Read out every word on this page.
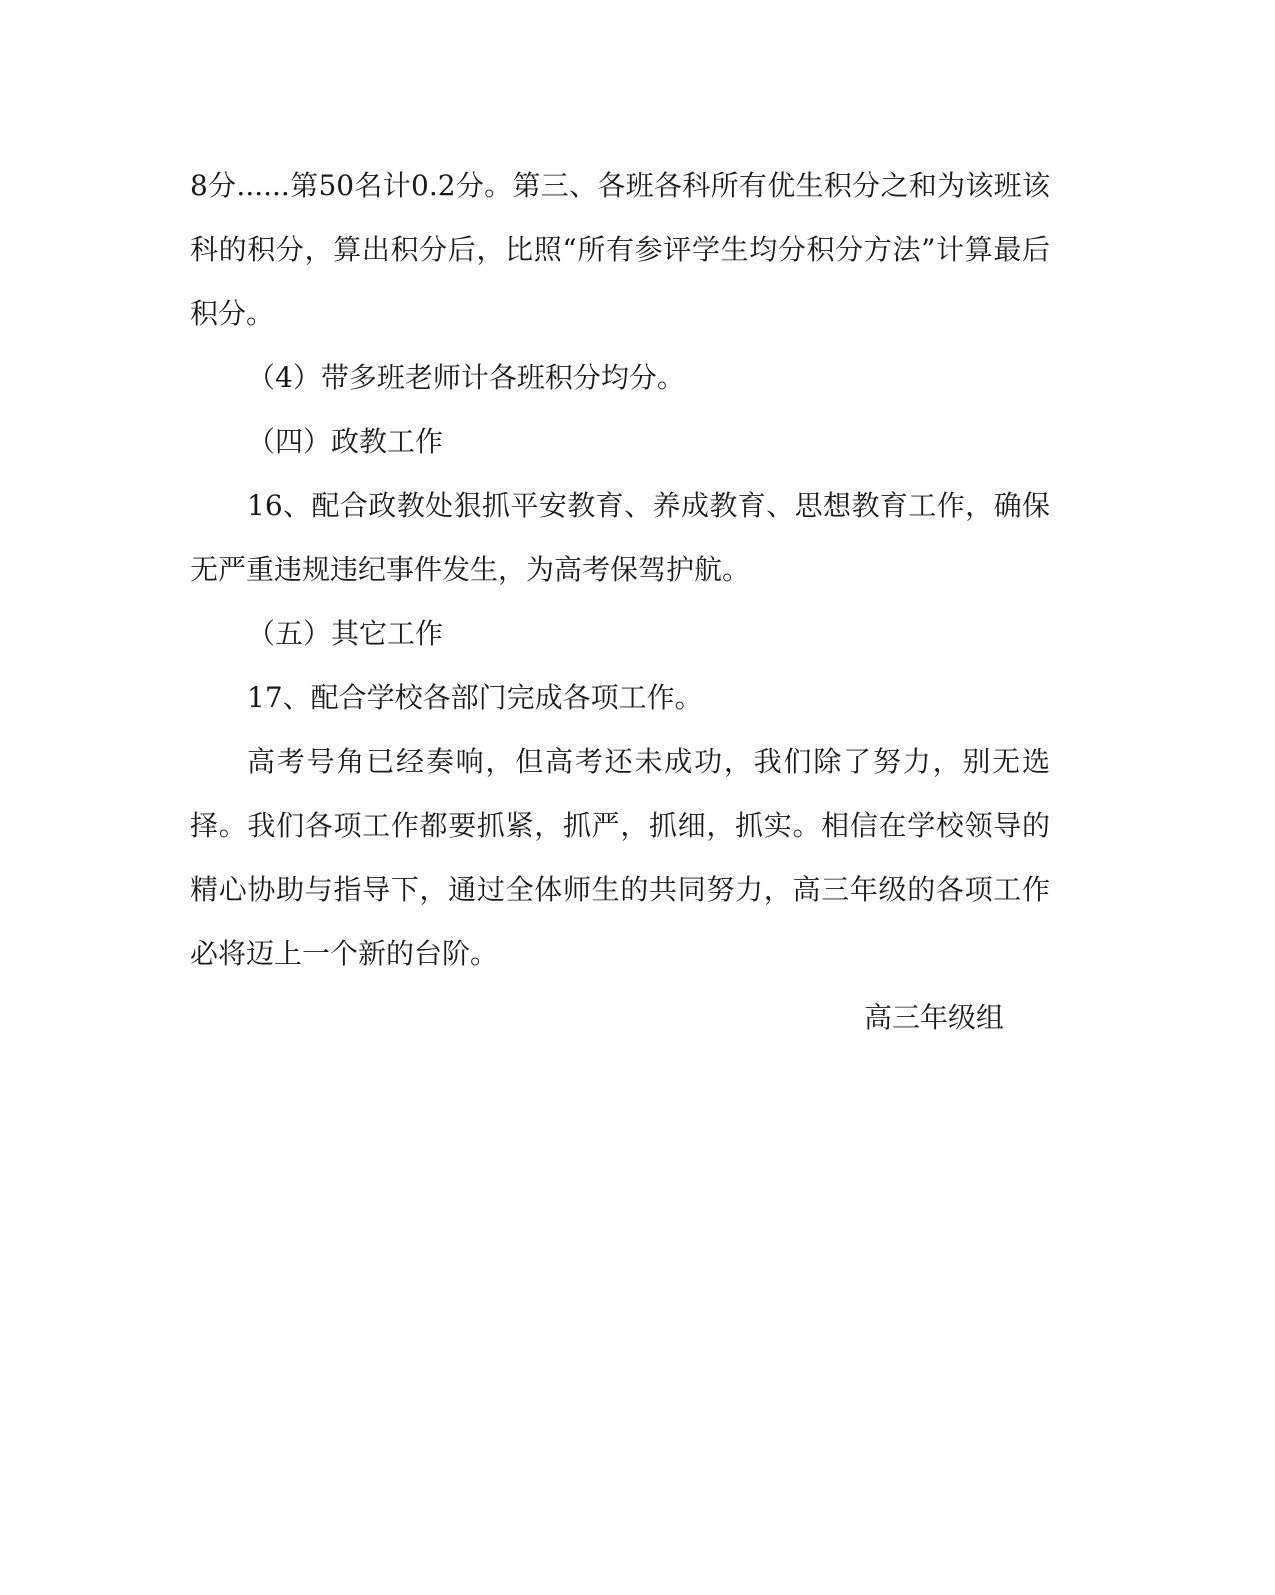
8分......第50名计0.2分。第三、各班各科所有优生积分之和为该班该科的积分，算出积分后，比照“所有参评学生均分积分方法”计算最后积分。

（4）带多班老师计各班积分均分。

（四）政教工作

16、配合政教处狠抓平安教育、养成教育、思想教育工作，确保无严重违规违纪事件发生，为高考保驾护航。

（五）其它工作

17、配合学校各部门完成各项工作。

高考号角已经奏响，但高考还未成功，我们除了努力，别无选择。我们各项工作都要抓紧，抓严，抓细，抓实。相信在学校领导的精心协助与指导下，通过全体师生的共同努力，高三年级的各项工作必将迈上一个新的台阶。

高三年级组
